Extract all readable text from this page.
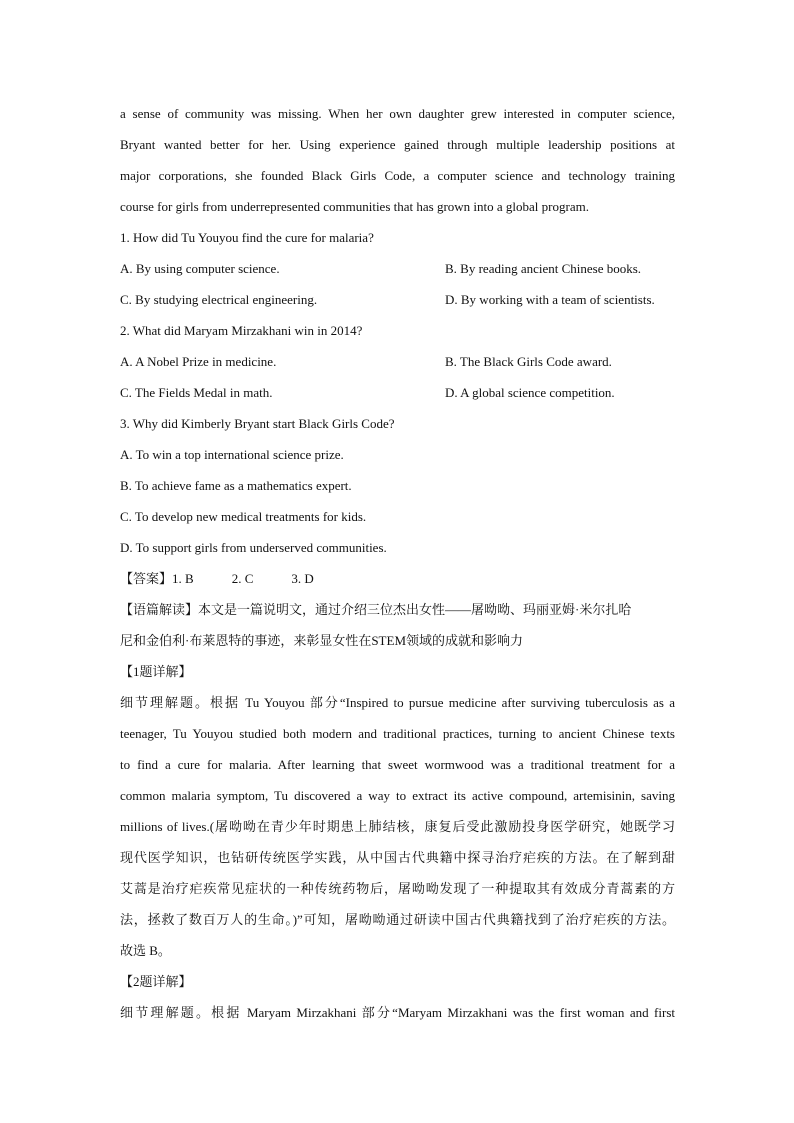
a sense of community was missing. When her own daughter grew interested in computer science,
Bryant wanted better for her. Using experience gained through multiple leadership positions at
major corporations, she founded Black Girls Code, a computer science and technology training
course for girls from underrepresented communities that has grown into a global program.
1. How did Tu Youyou find the cure for malaria?
A. By using computer science.	B. By reading ancient Chinese books.
C. By studying electrical engineering.	D. By working with a team of scientists.
2. What did Maryam Mirzakhani win in 2014?
A. A Nobel Prize in medicine.	B. The Black Girls Code award.
C. The Fields Medal in math.	D. A global science competition.
3. Why did Kimberly Bryant start Black Girls Code?
A. To win a top international science prize.
B. To achieve fame as a mathematics expert.
C. To develop new medical treatments for kids.
D. To support girls from underserved communities.
【答案】1. B	2. C	3. D
【语篇解读】本文是一篇说明文，通过介绍三位杰出女性——屠呦呦、玛丽亚姆·米尔扎哈
尼和金伯利·布莱恩特的事迹，来彰显女性在STEM领域的成就和影响力
【1题详解】
细节理解题。根据 Tu Youyou 部分“Inspired to pursue medicine after surviving tuberculosis as a
teenager, Tu Youyou studied both modern and traditional practices, turning to ancient Chinese texts
to find a cure for malaria. After learning that sweet wormwood was a traditional treatment for a
common malaria symptom, Tu discovered a way to extract its active compound, artemisinin, saving
millions of lives.(屠呦呦在青少年时期患上肺结核，康复后受此激励投身医学研究，她既学习
现代医学知识，也钻研传统医学实践，从中国古代典籍中探寻治疗疟疾的方法。在了解到甜
艾蒿是治疗疟疾常见症状的一种传统药物后，屠呦呦发现了一种提取其有效成分青蒿素的方
法，拯救了数百万人的生命。)”可知，屠呦呦通过研读中国古代典籍找到了治疗疟疾的方法。
故选 B。
【2题详解】
细节理解题。根据 Maryam Mirzakhani 部分“Maryam Mirzakhani was the first woman and first
